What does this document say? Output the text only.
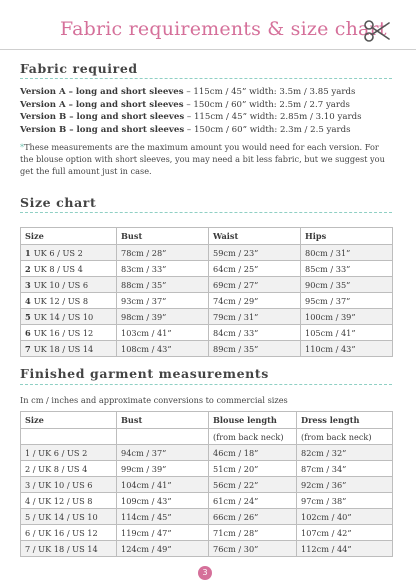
Fabric requirements & size chart
Fabric required
Version A – long and short sleeves – 115cm / 45” width: 3.5m / 3.85 yards
Version A – long and short sleeves – 150cm / 60” width: 2.5m / 2.7 yards
Version B – long and short sleeves – 115cm / 45” width: 2.85m / 3.10 yards
Version B – long and short sleeves – 150cm / 60” width: 2.3m / 2.5 yards
*These measurements are the maximum amount you would need for each version. For the blouse option with short sleeves, you may need a bit less fabric, but we suggest you get the full amount just in case.
Size chart
Size	Bust	Waist	Hips
1 UK 6 / US 2	78cm / 28”	59cm / 23”	80cm / 31”
2 UK 8 / US 4	83cm / 33”	64cm / 25”	85cm / 33”
3 UK 10 / US 6	88cm / 35”	69cm / 27”	90cm / 35”
4 UK 12 / US 8	93cm / 37”	74cm / 29”	95cm / 37”
5 UK 14 / US 10	98cm / 39”	79cm / 31”	100cm / 39”
6 UK 16 / US 12	103cm / 41”	84cm / 33”	105cm / 41”
7 UK 18 / US 14	108cm / 43”	89cm / 35”	110cm / 43”
Finished garment measurements
In cm / inches and approximate conversions to commercial sizes
Size	Bust	Blouse length	Dress length
		(from back neck)	(from back neck)
1 / UK 6 / US 2	94cm / 37”	46cm / 18”	82cm / 32”
2 / UK 8 / US 4	99cm / 39”	51cm / 20”	87cm / 34”
3 / UK 10 / US 6	104cm / 41”	56cm / 22”	92cm / 36”
4 / UK 12 / US 8	109cm / 43”	61cm / 24”	97cm / 38”
5 / UK 14 / US 10	114cm / 45”	66cm / 26”	102cm / 40”
6 / UK 16 / US 12	119cm / 47”	71cm / 28”	107cm / 42”
7 / UK 18 / US 14	124cm / 49”	76cm / 30”	112cm / 44”
3
